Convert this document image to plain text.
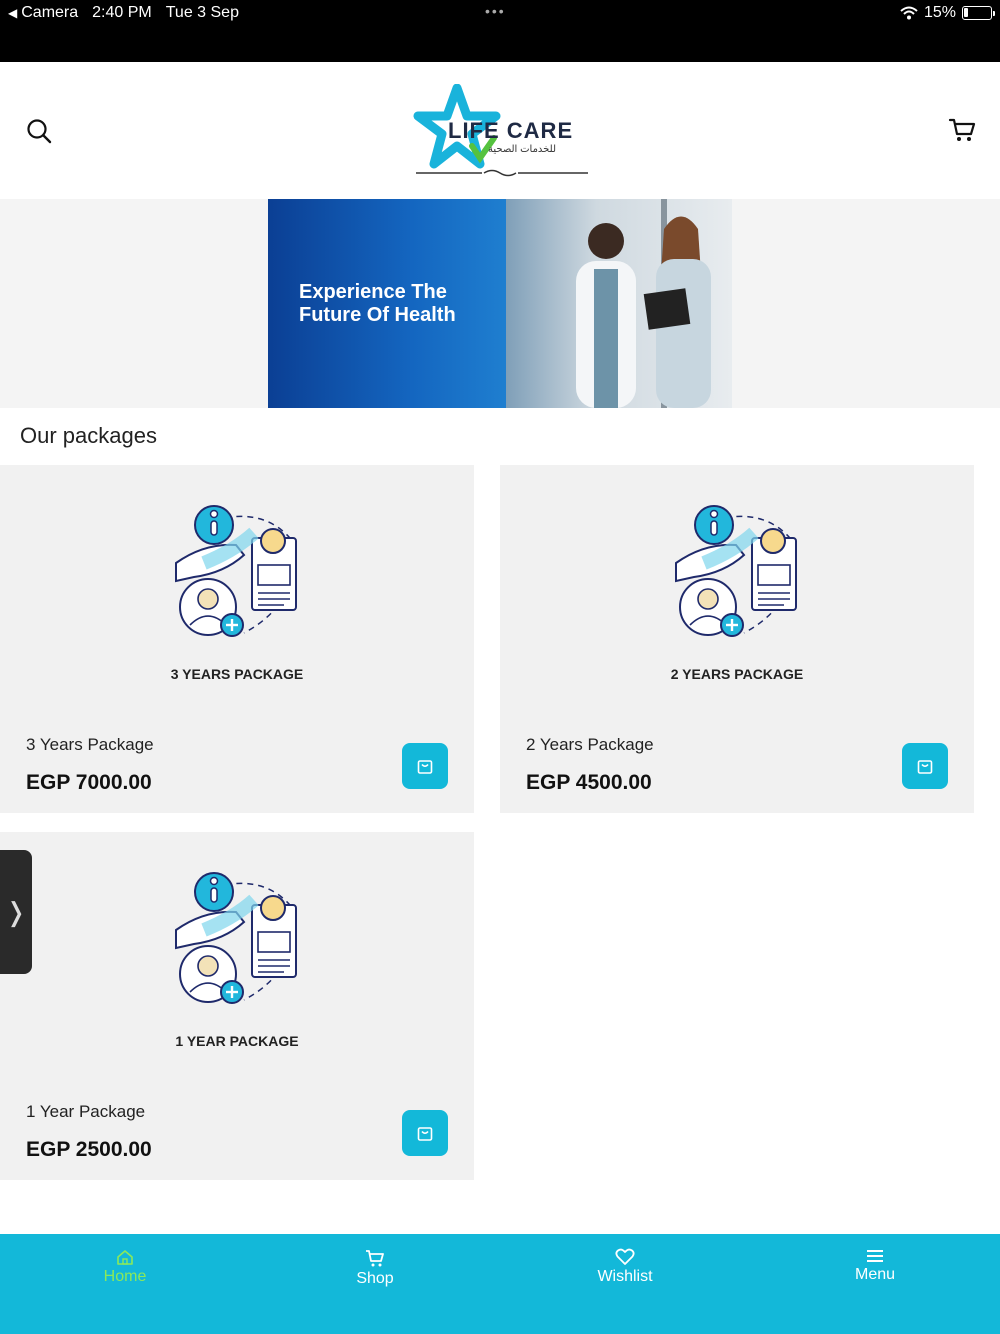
◀ Camera 2:40 PM Tue 3 Sep	•••	15%
LIFE CARE
للخدمات الصحية
Experience The Future Of Health
Our packages
3 YEARS PACKAGE
3 Years Package
EGP 7000.00
2 YEARS PACKAGE
2 Years Package
EGP 4500.00
1 YEAR PACKAGE
1 Year Package
EGP 2500.00
❭
Home	Shop	Wishlist	Menu
